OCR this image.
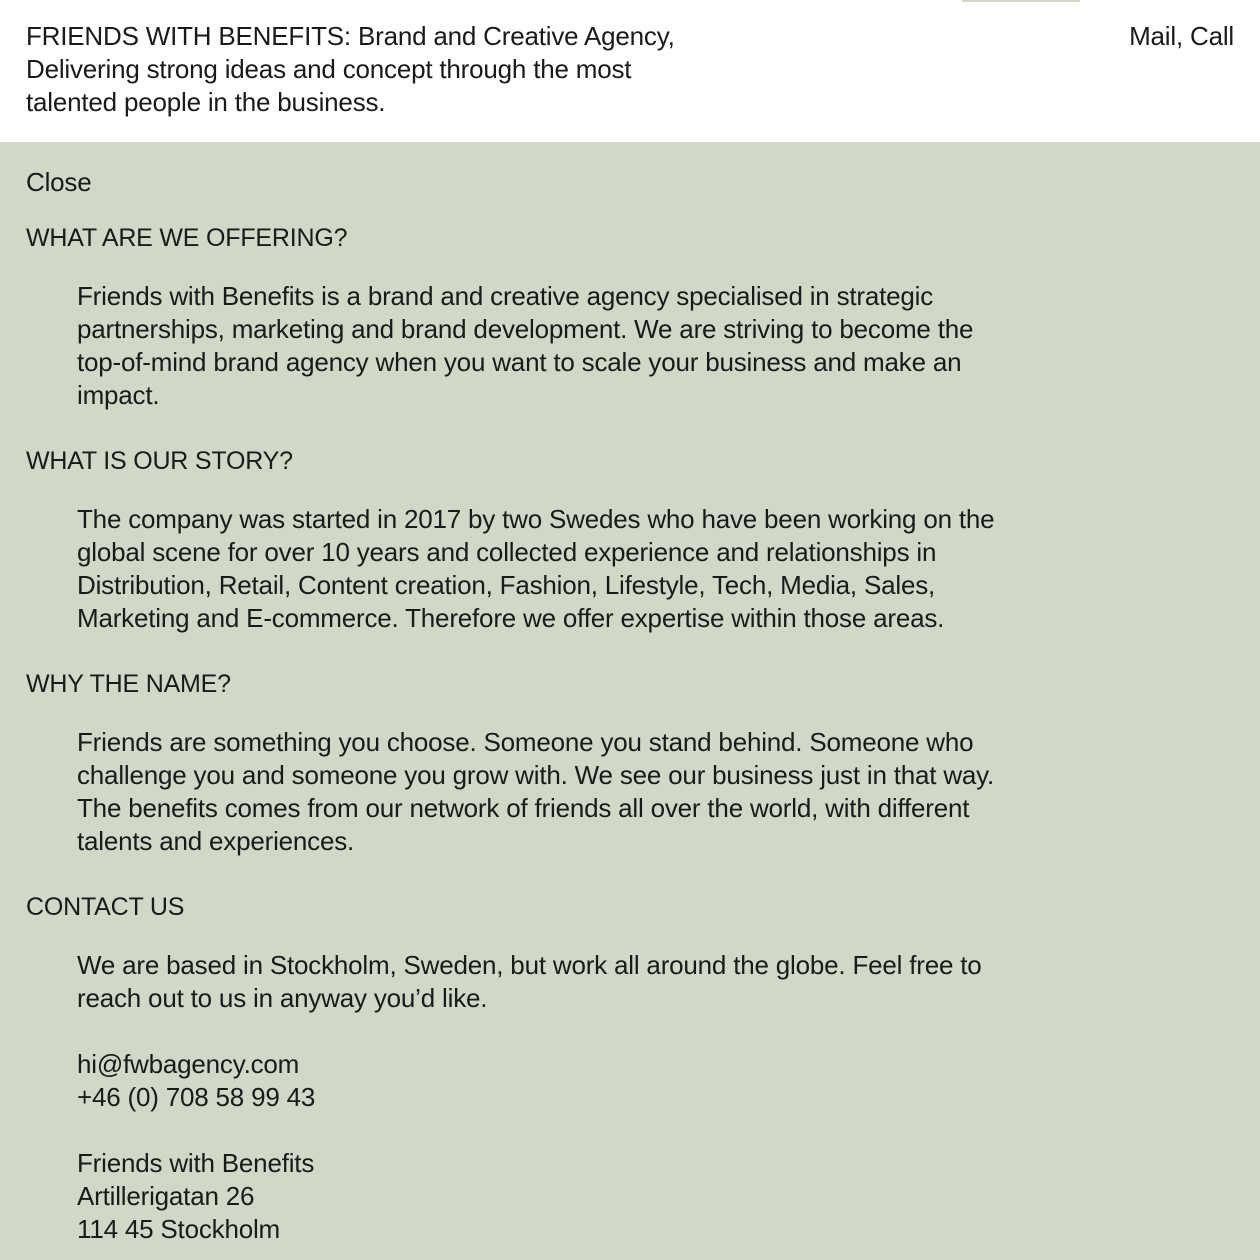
FRIENDS WITH BENEFITS: Brand and Creative Agency,
Delivering strong ideas and concept through the most
talented people in the business.
Mail, Call
Close
WHAT ARE WE OFFERING?
Friends with Benefits is a brand and creative agency specialised in strategic
partnerships, marketing and brand development. We are striving to become the
top-of-mind brand agency when you want to scale your business and make an
impact.
WHAT IS OUR STORY?
The company was started in 2017 by two Swedes who have been working on the
global scene for over 10 years and collected experience and relationships in
Distribution, Retail, Content creation, Fashion, Lifestyle, Tech, Media, Sales,
Marketing and E-commerce. Therefore we offer expertise within those areas.
WHY THE NAME?
Friends are something you choose. Someone you stand behind. Someone who
challenge you and someone you grow with. We see our business just in that way.
The benefits comes from our network of friends all over the world, with different
talents and experiences.
CONTACT US
We are based in Stockholm, Sweden, but work all around the globe. Feel free to
reach out to us in anyway you’d like.
hi@fwbagency.com
+46 (0) 708 58 99 43
Friends with Benefits
Artillerigatan 26
114 45 Stockholm
